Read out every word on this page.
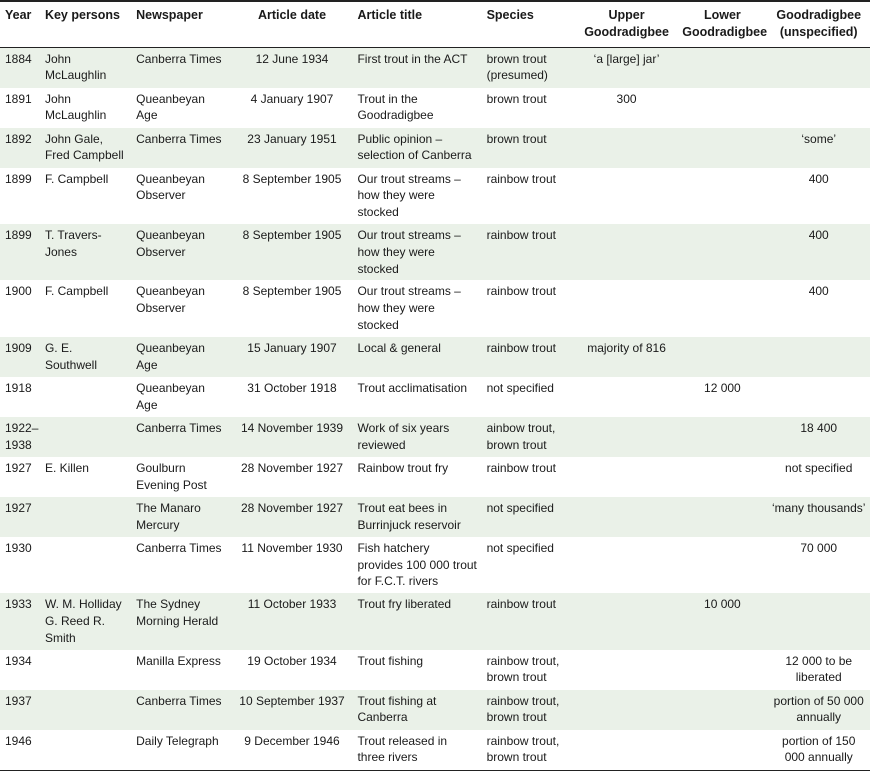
Year	Key persons	Newspaper	Article date	Article title	Species	Upper Goodradigbee	Lower Goodradigbee	Goodradigbee (unspecified)
1884	John McLaughlin	Canberra Times	12 June 1934	First trout in the ACT	brown trout (presumed)	‘a [large] jar’		
1891	John McLaughlin	Queanbeyan Age	4 January 1907	Trout in the Goodradigbee	brown trout	300		
1892	John Gale, Fred Campbell	Canberra Times	23 January 1951	Public opinion – selection of Canberra	brown trout			‘some’
1899	F. Campbell	Queanbeyan Observer	8 September 1905	Our trout streams – how they were stocked	rainbow trout			400
1899	T. Travers-Jones	Queanbeyan Observer	8 September 1905	Our trout streams – how they were stocked	rainbow trout			400
1900	F. Campbell	Queanbeyan Observer	8 September 1905	Our trout streams – how they were stocked	rainbow trout			400
1909	G. E. Southwell	Queanbeyan Age	15 January 1907	Local & general	rainbow trout	majority of 816		
1918		Queanbeyan Age	31 October 1918	Trout acclimatisation	not specified		12 000	
1922–1938		Canberra Times	14 November 1939	Work of six years reviewed	ainbow trout, brown trout			18 400
1927	E. Killen	Goulburn Evening Post	28 November 1927	Rainbow trout fry	rainbow trout			not specified
1927		The Manaro Mercury	28 November 1927	Trout eat bees in Burrinjuck reservoir	not specified			‘many thousands’
1930		Canberra Times	11 November 1930	Fish hatchery provides 100 000 trout for F.C.T. rivers	not specified			70 000
1933	W. M. Holliday G. Reed R. Smith	The Sydney Morning Herald	11 October 1933	Trout fry liberated	rainbow trout		10 000	
1934		Manilla Express	19 October 1934	Trout fishing	rainbow trout, brown trout			12 000 to be liberated
1937		Canberra Times	10 September 1937	Trout fishing at Canberra	rainbow trout, brown trout			portion of 50 000 annually
1946		Daily Telegraph	9 December 1946	Trout released in three rivers	rainbow trout, brown trout			portion of 150 000 annually
